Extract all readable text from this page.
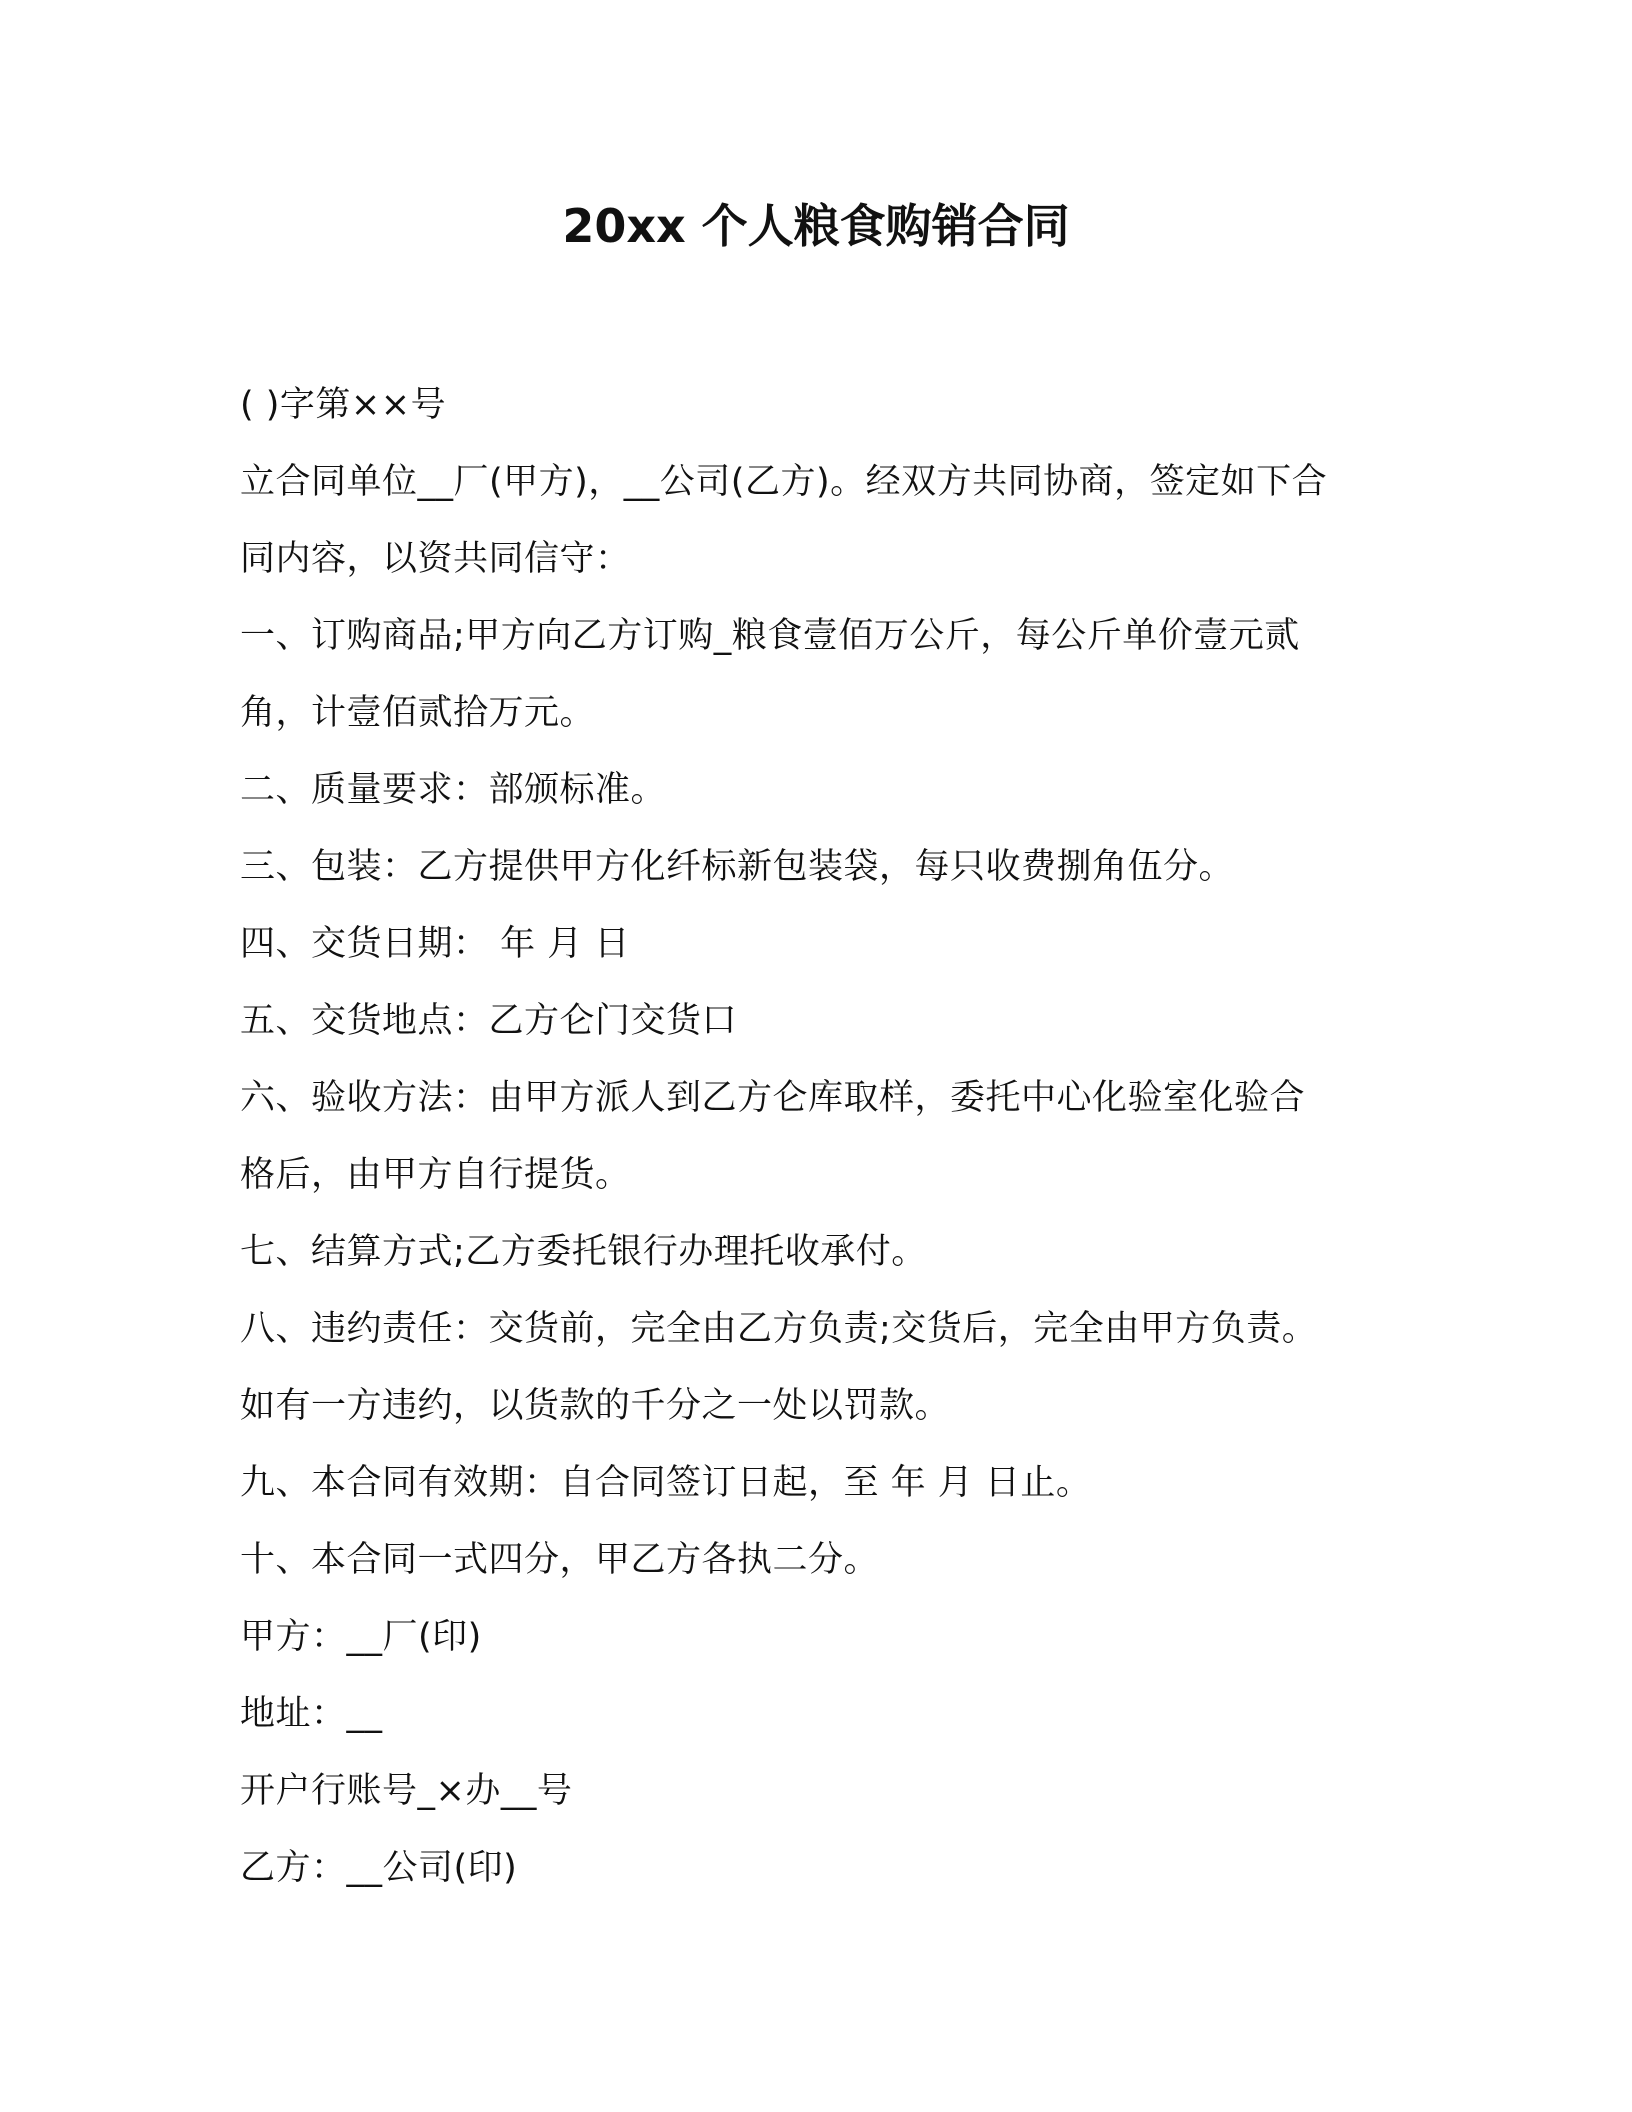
20xx 个人粮食购销合同
( )字第××号
立合同单位__厂(甲方)，__公司(乙方)。经双方共同协商，签定如下合
同内容，以资共同信守：
一、订购商品;甲方向乙方订购_粮食壹佰万公斤，每公斤单价壹元贰
角，计壹佰贰拾万元。
二、质量要求：部颁标准。
三、包装：乙方提供甲方化纤标新包装袋，每只收费捌角伍分。
四、交货日期： 年 月 日
五、交货地点：乙方仑门交货口
六、验收方法：由甲方派人到乙方仑库取样，委托中心化验室化验合
格后，由甲方自行提货。
七、结算方式;乙方委托银行办理托收承付。
八、违约责任：交货前，完全由乙方负责;交货后，完全由甲方负责。
如有一方违约，以货款的千分之一处以罚款。
九、本合同有效期：自合同签订日起，至 年 月 日止。
十、本合同一式四分，甲乙方各执二分。
甲方：__厂(印)
地址：__
开户行账号_×办__号
乙方：__公司(印)
